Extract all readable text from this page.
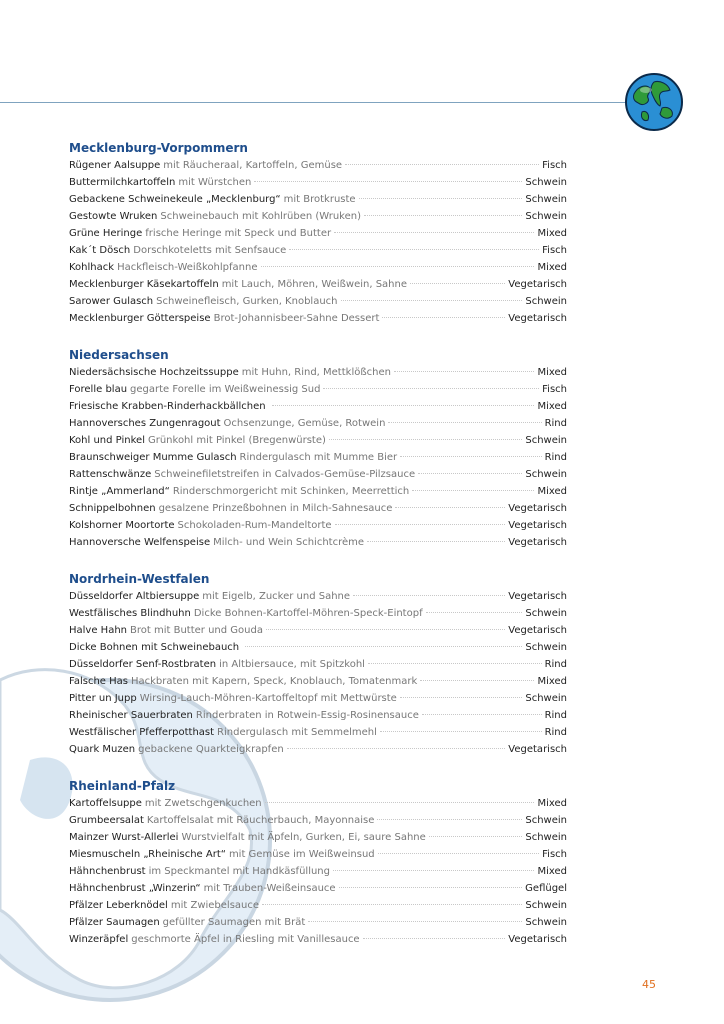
Mecklenburg-Vorpommern
Rügener Aalsuppe mit Räucheraal, Kartoffeln, Gemüse	Fisch
Buttermilchkartoffeln mit Würstchen	Schwein
Gebackene Schweinekeule „Mecklenburg“ mit Brotkruste	Schwein
Gestowte Wruken Schweinebauch mit Kohlrüben (Wruken)	Schwein
Grüne Heringe frische Heringe mit Speck und Butter	Mixed
Kak´t Dösch Dorschkoteletts mit Senfsauce	Fisch
Kohlhack Hackfleisch-Weißkohlpfanne	Mixed
Mecklenburger Käsekartoffeln mit Lauch, Möhren, Weißwein, Sahne	Vegetarisch
Sarower Gulasch Schweinefleisch, Gurken, Knoblauch	Schwein
Mecklenburger Götterspeise Brot-Johannisbeer-Sahne Dessert	Vegetarisch
Niedersachsen
Niedersächsische Hochzeitssuppe mit Huhn, Rind, Mettklößchen	Mixed
Forelle blau gegarte Forelle im Weißweinessig Sud	Fisch
Friesische Krabben-Rinderhackbällchen	Mixed
Hannoversches Zungenragout Ochsenzunge, Gemüse, Rotwein	Rind
Kohl und Pinkel Grünkohl mit Pinkel (Bregenwürste)	Schwein
Braunschweiger Mumme Gulasch Rindergulasch mit Mumme Bier	Rind
Rattenschwänze Schweinefiletstreifen in Calvados-Gemüse-Pilzsauce	Schwein
Rintje „Ammerland“ Rinderschmorgericht mit Schinken, Meerrettich	Mixed
Schnippelbohnen gesalzene Prinzeßbohnen in Milch-Sahnesauce	Vegetarisch
Kolshorner Moortorte Schokoladen-Rum-Mandeltorte	Vegetarisch
Hannoversche Welfenspeise Milch- und Wein Schichtcrème	Vegetarisch
Nordrhein-Westfalen
Düsseldorfer Altbiersuppe mit Eigelb, Zucker und Sahne	Vegetarisch
Westfälisches Blindhuhn Dicke Bohnen-Kartoffel-Möhren-Speck-Eintopf	Schwein
Halve Hahn Brot mit Butter und Gouda	Vegetarisch
Dicke Bohnen mit Schweinebauch	Schwein
Düsseldorfer Senf-Rostbraten in Altbiersauce, mit Spitzkohl	Rind
Falsche Has Hackbraten mit Kapern, Speck, Knoblauch, Tomatenmark	Mixed
Pitter un Jupp Wirsing-Lauch-Möhren-Kartoffeltopf mit Mettwürste	Schwein
Rheinischer Sauerbraten Rinderbraten in Rotwein-Essig-Rosinensauce	Rind
Westfälischer Pfefferpotthast Rindergulasch mit Semmelmehl	Rind
Quark Muzen gebackene Quarkteigkrapfen	Vegetarisch
Rheinland-Pfalz
Kartoffelsuppe mit Zwetschgenkuchen	Mixed
Grumbeersalat Kartoffelsalat mit Räucherbauch, Mayonnaise	Schwein
Mainzer Wurst-Allerlei Wurstvielfalt mit Äpfeln, Gurken, Ei, saure Sahne	Schwein
Miesmuscheln „Rheinische Art“ mit Gemüse im Weißweinsud	Fisch
Hähnchenbrust im Speckmantel mit Handkäsfüllung	Mixed
Hähnchenbrust „Winzerin“ mit Trauben-Weißeinsauce	Geflügel
Pfälzer Leberknödel mit Zwiebelsauce	Schwein
Pfälzer Saumagen gefüllter Saumagen mit Brät	Schwein
Winzeräpfel geschmorte Äpfel in Riesling mit Vanillesauce	Vegetarisch
45
